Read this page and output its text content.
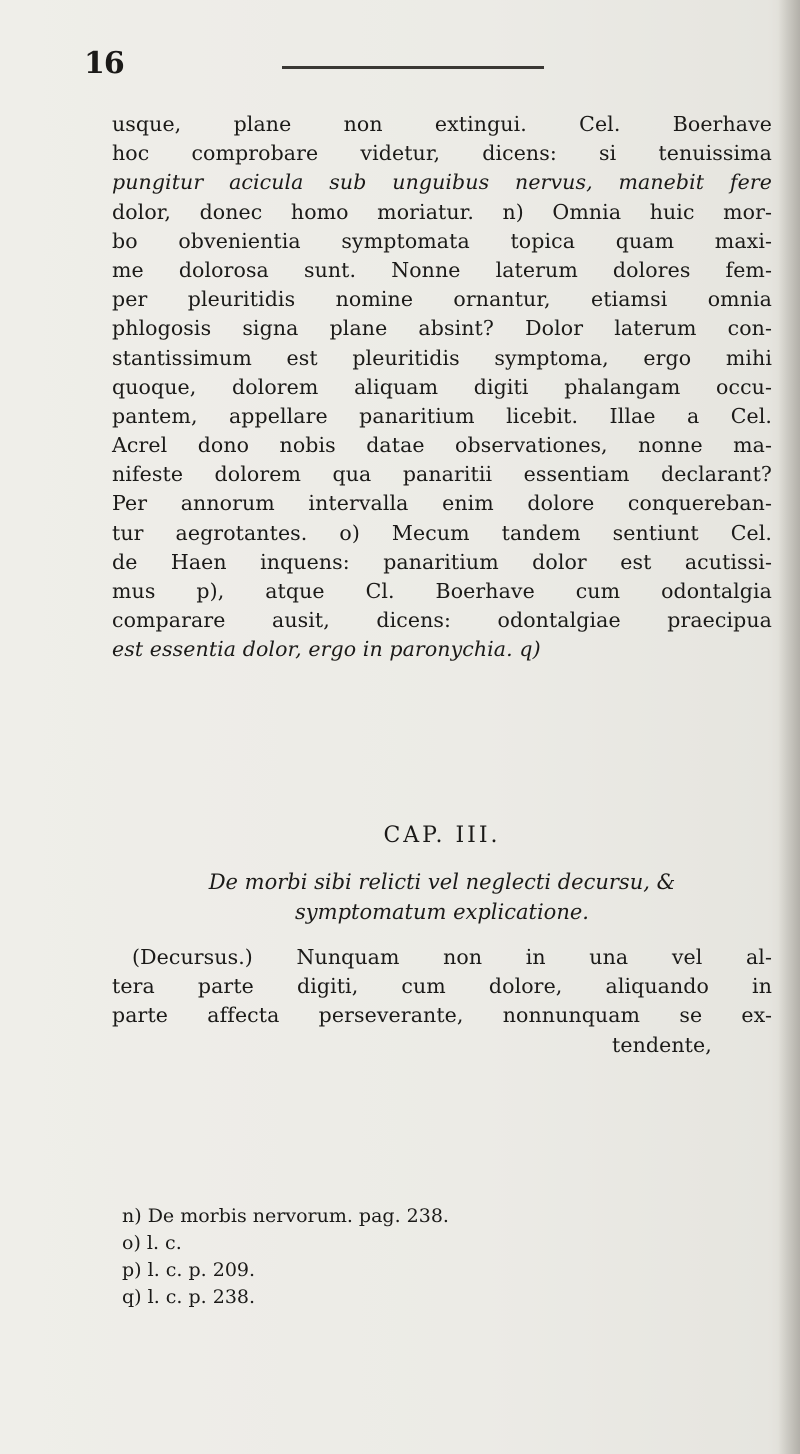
16
usque, plane non extingui. Cel. Boerhave
hoc comprobare videtur, dicens: si tenuissima
pungitur acicula sub unguibus nervus, manebit fere
dolor, donec homo moriatur. n) Omnia huic mor-
bo obvenientia symptomata topica quam maxi-
me dolorosa sunt. Nonne laterum dolores fem-
per pleuritidis nomine ornantur, etiamsi omnia
phlogosis signa plane absint? Dolor laterum con-
stantissimum est pleuritidis symptoma, ergo mihi
quoque, dolorem aliquam digiti phalangam occu-
pantem, appellare panaritium licebit. Illae a Cel.
Acrel dono nobis datae observationes, nonne ma-
nifeste dolorem qua panaritii essentiam declarant?
Per annorum intervalla enim dolore conquereban-
tur aegrotantes. o) Mecum tandem sentiunt Cel.
de Haen inquens: panaritium dolor est acutissi-
mus p), atque Cl. Boerhave cum odontalgia
comparare ausit, dicens: odontalgiae praecipua
est essentia dolor, ergo in paronychia. q)
CAP. III.
De morbi sibi relicti vel neglecti decursu, &
symptomatum explicatione.
(Decursus.) Nunquam non in una vel al-
tera parte digiti, cum dolore, aliquando in
parte affecta perseverante, nonnunquam se ex-
tendente,
n) De morbis nervorum. pag. 238.
o) l. c.
p) l. c. p. 209.
q) l. c. p. 238.
